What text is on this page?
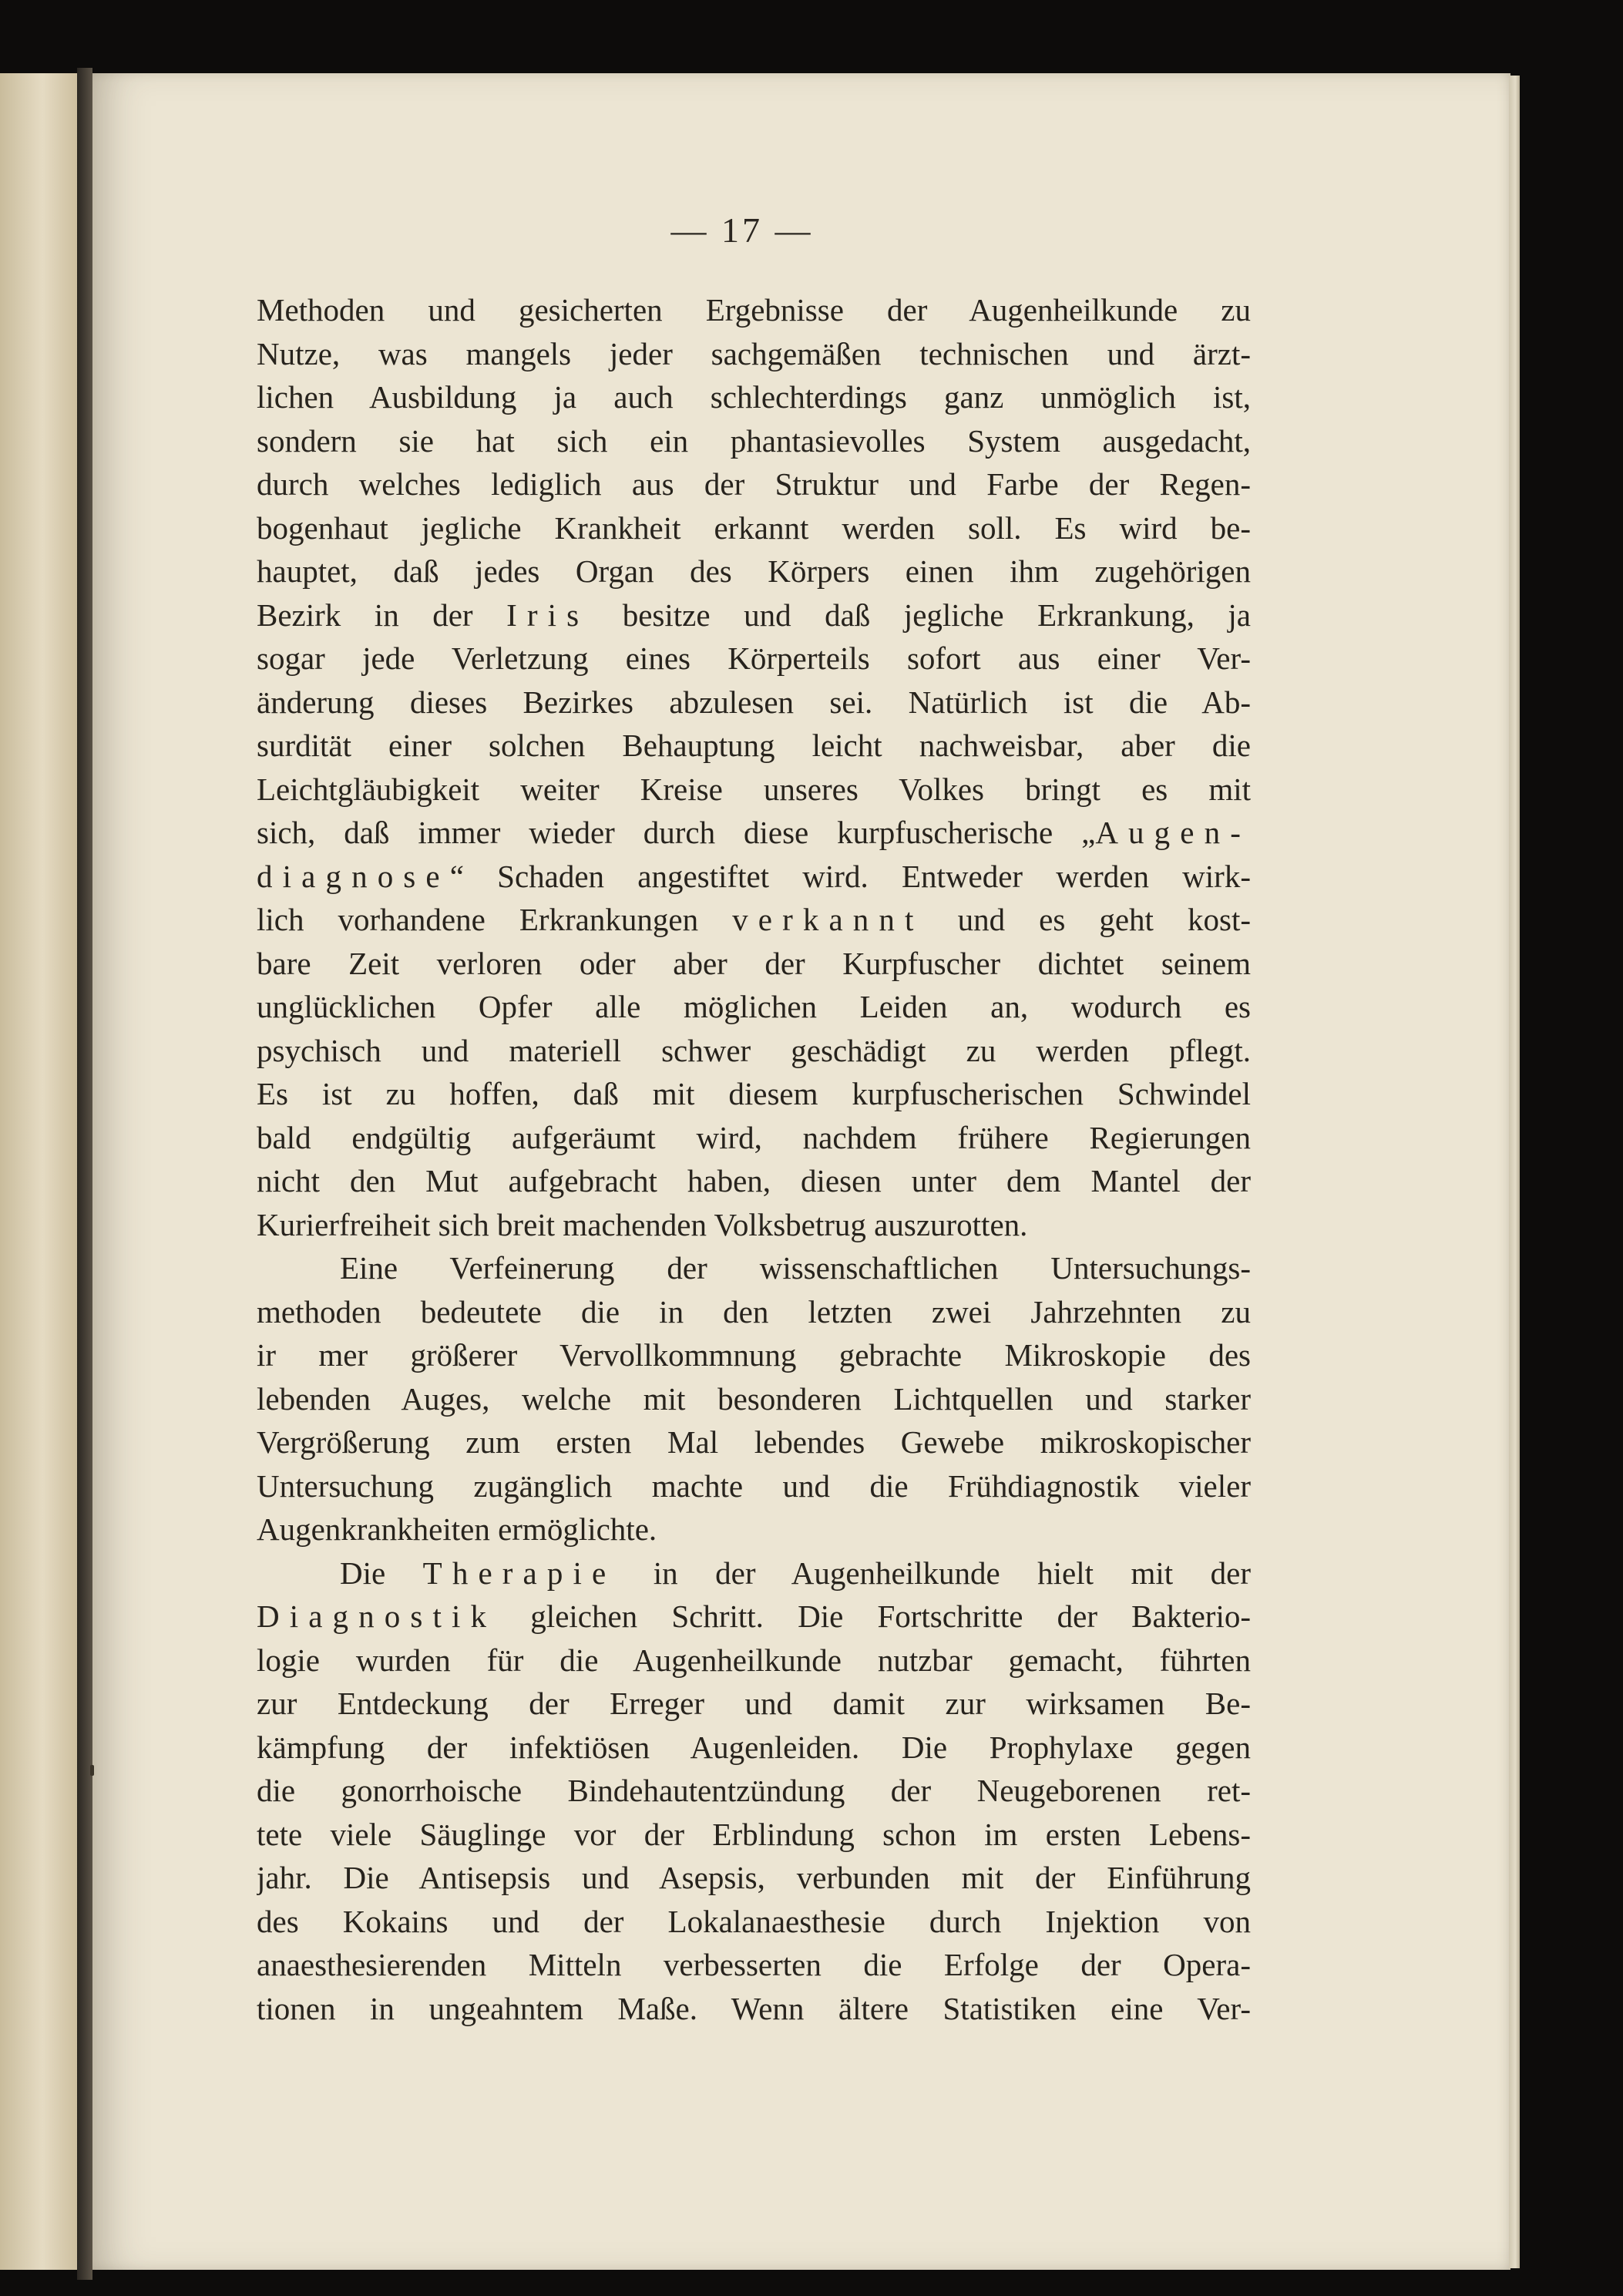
— 17 —
Methoden und gesicherten Ergebnisse der Augenheilkunde zu
Nutze, was mangels jeder sachgemäßen technischen und ärzt-
lichen Ausbildung ja auch schlechterdings ganz unmöglich ist,
sondern sie hat sich ein phantasievolles System ausgedacht,
durch welches lediglich aus der Struktur und Farbe der Regen-
bogenhaut jegliche Krankheit erkannt werden soll. Es wird be-
hauptet, daß jedes Organ des Körpers einen ihm zugehörigen
Bezirk in der Iris besitze und daß jegliche Erkrankung, ja
sogar jede Verletzung eines Körperteils sofort aus einer Ver-
änderung dieses Bezirkes abzulesen sei. Natürlich ist die Ab-
surdität einer solchen Behauptung leicht nachweisbar, aber die
Leichtgläubigkeit weiter Kreise unseres Volkes bringt es mit
sich, daß immer wieder durch diese kurpfuscherische „Augen-
diagnose“ Schaden angestiftet wird. Entweder werden wirk-
lich vorhandene Erkrankungen verkannt und es geht kost-
bare Zeit verloren oder aber der Kurpfuscher dichtet seinem
unglücklichen Opfer alle möglichen Leiden an, wodurch es
psychisch und materiell schwer geschädigt zu werden pflegt.
Es ist zu hoffen, daß mit diesem kurpfuscherischen Schwindel
bald endgültig aufgeräumt wird, nachdem frühere Regierungen
nicht den Mut aufgebracht haben, diesen unter dem Mantel der
Kurierfreiheit sich breit machenden Volksbetrug auszurotten.
Eine Verfeinerung der wissenschaftlichen Untersuchungs-
methoden bedeutete die in den letzten zwei Jahrzehnten zu
ir mer größerer Vervollkommnung gebrachte Mikroskopie des
lebenden Auges, welche mit besonderen Lichtquellen und starker
Vergrößerung zum ersten Mal lebendes Gewebe mikroskopischer
Untersuchung zugänglich machte und die Frühdiagnostik vieler
Augenkrankheiten ermöglichte.
Die Therapie in der Augenheilkunde hielt mit der
Diagnostik gleichen Schritt. Die Fortschritte der Bakterio-
logie wurden für die Augenheilkunde nutzbar gemacht, führten
zur Entdeckung der Erreger und damit zur wirksamen Be-
kämpfung der infektiösen Augenleiden. Die Prophylaxe gegen
die gonorrhoische Bindehautentzündung der Neugeborenen ret-
tete viele Säuglinge vor der Erblindung schon im ersten Lebens-
jahr. Die Antisepsis und Asepsis, verbunden mit der Einführung
des Kokains und der Lokalanaesthesie durch Injektion von
anaesthesierenden Mitteln verbesserten die Erfolge der Opera-
tionen in ungeahntem Maße. Wenn ältere Statistiken eine Ver-
